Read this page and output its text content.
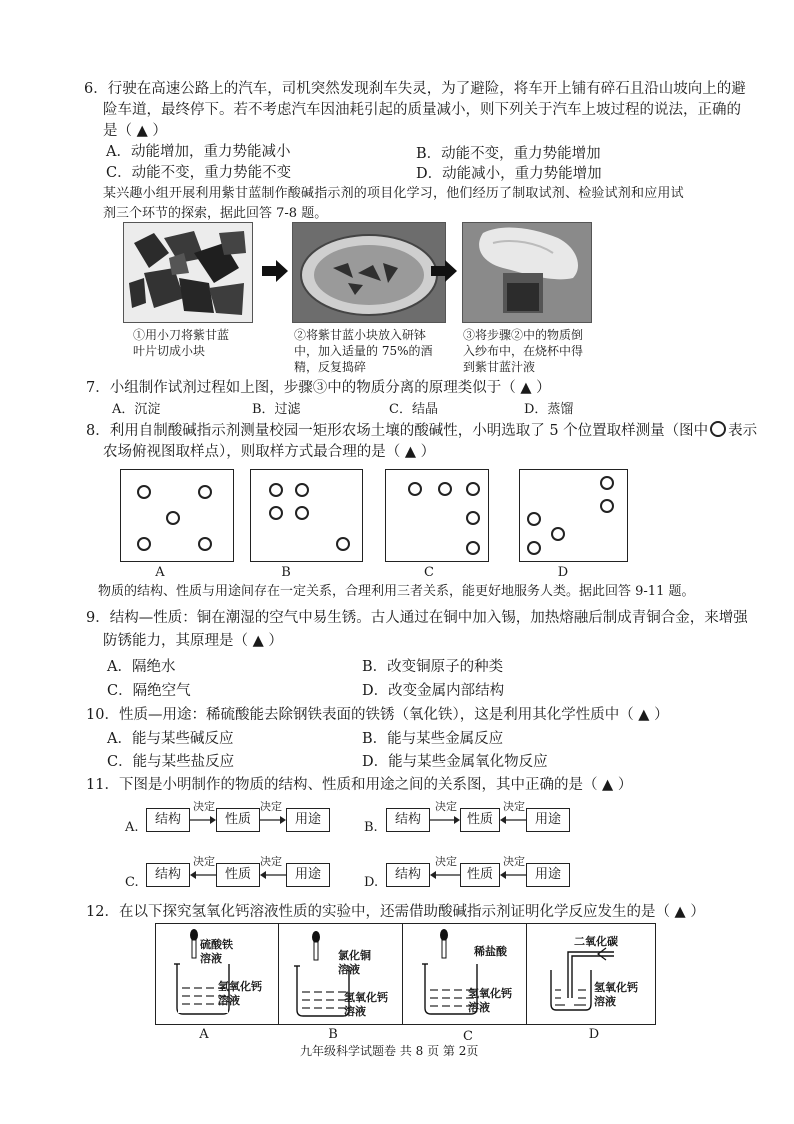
6．行驶在高速公路上的汽车，司机突然发现刹车失灵，为了避险，将车开上铺有碎石且沿山坡向上的避
险车道，最终停下。若不考虑汽车因油耗引起的质量减小，则下列关于汽车上坡过程的说法，正确的
是（ ▲ ）
A．动能增加，重力势能减小	B．动能不变，重力势能增加
C．动能不变，重力势能不变	D．动能减小，重力势能增加
某兴趣小组开展利用紫甘蓝制作酸碱指示剂的项目化学习，他们经历了制取试剂、检验试剂和应用试
剂三个环节的探索，据此回答 7-8 题。
①用小刀将紫甘蓝
叶片切成小块
②将紫甘蓝小块放入研钵
中，加入适量的 75%的酒
精，反复捣碎
③将步骤②中的物质倒
入纱布中，在烧杯中得
到紫甘蓝汁液
7．小组制作试剂过程如上图，步骤③中的物质分离的原理类似于（ ▲ ）
A．沉淀	B．过滤	C．结晶	D．蒸馏
8．利用自制酸碱指示剂测量校园一矩形农场土壤的酸碱性，小明选取了 5 个位置取样测量（图中 表示
农场俯视图取样点），则取样方式最合理的是（ ▲ ）
A	B	C	D
物质的结构、性质与用途间存在一定关系，合理利用三者关系，能更好地服务人类。据此回答 9-11 题。
9．结构—性质：铜在潮湿的空气中易生锈。古人通过在铜中加入锡，加热熔融后制成青铜合金，来增强
防锈能力，其原理是（ ▲ ）
A．隔绝水	B．改变铜原子的种类
C．隔绝空气	D．改变金属内部结构
10．性质—用途：稀硫酸能去除钢铁表面的铁锈（氧化铁），这是利用其化学性质中（ ▲ ）
A．能与某些碱反应	B．能与某些金属反应
C．能与某些盐反应	D．能与某些金属氧化物反应
11．下图是小明制作的物质的结构、性质和用途之间的关系图，其中正确的是（ ▲ ）
A.
结构
决定
性质
决定
用途
B.
结构
决定
性质
决定
用途
C.
结构
决定
性质
决定
用途
D.
结构
决定
性质
决定
用途
12．在以下探究氢氧化钙溶液性质的实验中，还需借助酸碱指示剂证明化学反应发生的是（ ▲ ）
硫酸铁
溶液
氢氧化钙
溶液
氯化铜
溶液
氢氧化钙
溶液
稀盐酸
氢氧化钙
溶液
二氧化碳
氢氧化钙
溶液
A	B	C	D
九年级科学试题卷 共 8 页 第 2页
